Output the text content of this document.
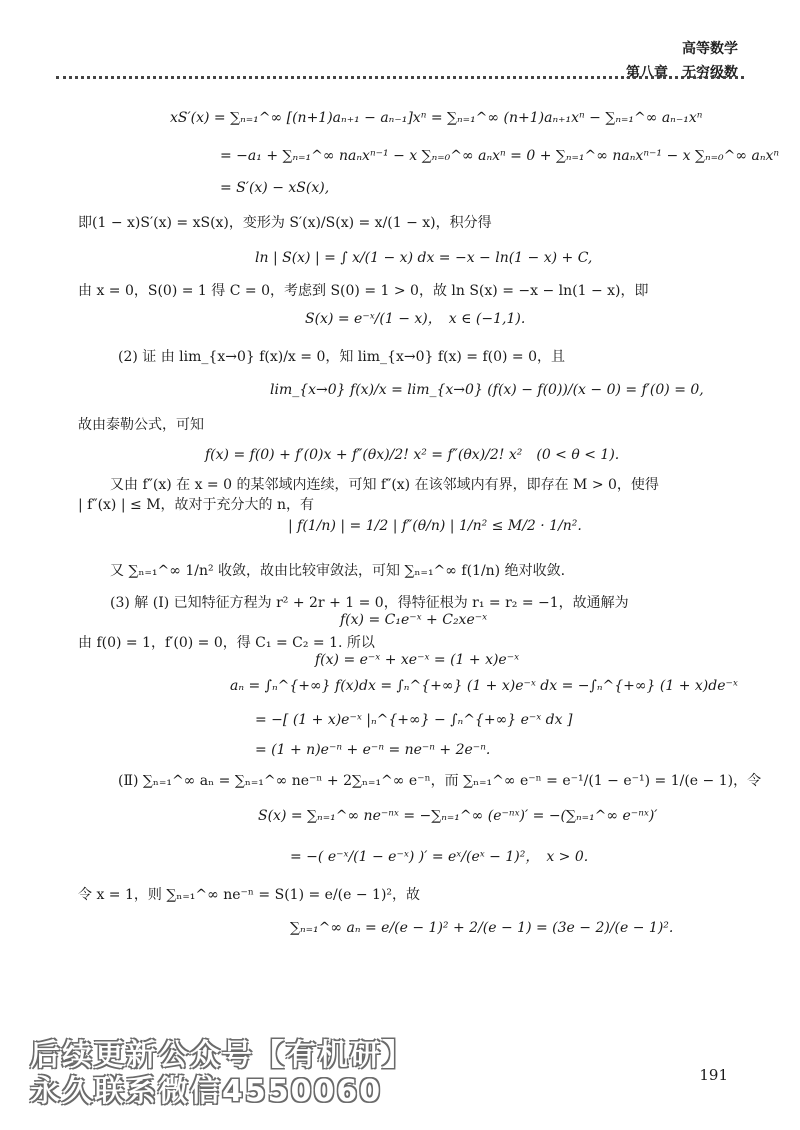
高等数学
第八章　无穷级数
xS′(x) = ∑ₙ₌₁^∞ [(n+1)aₙ₊₁ − aₙ₋₁]xⁿ = ∑ₙ₌₁^∞ (n+1)aₙ₊₁xⁿ − ∑ₙ₌₁^∞ aₙ₋₁xⁿ
= −a₁ + ∑ₙ₌₁^∞ naₙxⁿ⁻¹ − x ∑ₙ₌₀^∞ aₙxⁿ = 0 + ∑ₙ₌₁^∞ naₙxⁿ⁻¹ − x ∑ₙ₌₀^∞ aₙxⁿ
= S′(x) − xS(x),
即(1 − x)S′(x) = xS(x)，变形为 S′(x)/S(x) = x/(1 − x)，积分得
ln | S(x) | = ∫ x/(1 − x) dx = −x − ln(1 − x) + C,
由 x = 0，S(0) = 1 得 C = 0，考虑到 S(0) = 1 > 0，故 ln S(x) = −x − ln(1 − x)，即
S(x) = e⁻ˣ/(1 − x)，　x ∈ (−1,1).
(2) 证 由 lim_{x→0} f(x)/x = 0，知 lim_{x→0} f(x) = f(0) = 0，且
lim_{x→0} f(x)/x = lim_{x→0} (f(x) − f(0))/(x − 0) = f′(0) = 0,
故由泰勒公式，可知
f(x) = f(0) + f′(0)x + f″(θx)/2! x² = f″(θx)/2! x²　(0 < θ < 1).
又由 f″(x) 在 x = 0 的某邻域内连续，可知 f″(x) 在该邻域内有界，即存在 M > 0，使得
| f″(x) | ≤ M，故对于充分大的 n，有
| f(1/n) | = 1/2 | f″(θ/n) | 1/n² ≤ M/2 · 1/n².
又 ∑ₙ₌₁^∞ 1/n² 收敛，故由比较审敛法，可知 ∑ₙ₌₁^∞ f(1/n) 绝对收敛.
(3) 解 (Ⅰ) 已知特征方程为 r² + 2r + 1 = 0，得特征根为 r₁ = r₂ = −1，故通解为
f(x) = C₁e⁻ˣ + C₂xe⁻ˣ
由 f(0) = 1，f′(0) = 0，得 C₁ = C₂ = 1. 所以
f(x) = e⁻ˣ + xe⁻ˣ = (1 + x)e⁻ˣ
aₙ = ∫ₙ^{+∞} f(x)dx = ∫ₙ^{+∞} (1 + x)e⁻ˣ dx = −∫ₙ^{+∞} (1 + x)de⁻ˣ
= −[ (1 + x)e⁻ˣ |ₙ^{+∞} − ∫ₙ^{+∞} e⁻ˣ dx ]
= (1 + n)e⁻ⁿ + e⁻ⁿ = ne⁻ⁿ + 2e⁻ⁿ.
(Ⅱ) ∑ₙ₌₁^∞ aₙ = ∑ₙ₌₁^∞ ne⁻ⁿ + 2∑ₙ₌₁^∞ e⁻ⁿ，而 ∑ₙ₌₁^∞ e⁻ⁿ = e⁻¹/(1 − e⁻¹) = 1/(e − 1)，令
S(x) = ∑ₙ₌₁^∞ ne⁻ⁿˣ = −∑ₙ₌₁^∞ (e⁻ⁿˣ)′ = −(∑ₙ₌₁^∞ e⁻ⁿˣ)′
= −( e⁻ˣ/(1 − e⁻ˣ) )′ = eˣ/(eˣ − 1)²，　x > 0.
令 x = 1，则 ∑ₙ₌₁^∞ ne⁻ⁿ = S(1) = e/(e − 1)²，故
∑ₙ₌₁^∞ aₙ = e/(e − 1)² + 2/(e − 1) = (3e − 2)/(e − 1)².
191
后续更新公众号【有机研】
永久联系微信4550060
